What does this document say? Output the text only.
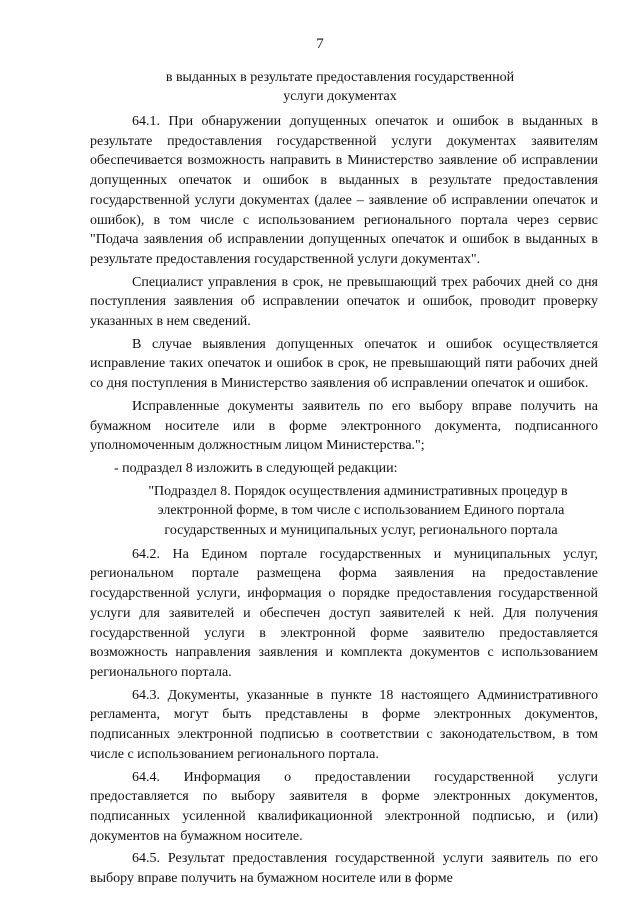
7
в выданных в результате предоставления государственной
услуги документах

64.1. При обнаружении допущенных опечаток и ошибок в выданных в результате предоставления государственной услуги документах заявителям обеспечивается возможность направить в Министерство заявление об исправлении допущенных опечаток и ошибок в выданных в результате предоставления государственной услуги документах (далее – заявление об исправлении опечаток и ошибок), в том числе с использованием регионального портала через сервис "Подача заявления об исправлении допущенных опечаток и ошибок в выданных в результате предоставления государственной услуги документах".

Специалист управления в срок, не превышающий трех рабочих дней со дня поступления заявления об исправлении опечаток и ошибок, проводит проверку указанных в нем сведений.

В случае выявления допущенных опечаток и ошибок осуществляется исправление таких опечаток и ошибок в срок, не превышающий пяти рабочих дней со дня поступления в Министерство заявления об исправлении опечаток и ошибок.

Исправленные документы заявитель по его выбору вправе получить на бумажном носителе или в форме электронного документа, подписанного уполномоченным должностным лицом Министерства.";

- подраздел 8 изложить в следующей редакции:

"Подраздел 8. Порядок осуществления административных процедур в электронной форме, в том числе с использованием Единого портала государственных и муниципальных услуг, регионального портала

64.2. На Едином портале государственных и муниципальных услуг, региональном портале размещена форма заявления на предоставление государственной услуги, информация о порядке предоставления государственной услуги для заявителей и обеспечен доступ заявителей к ней. Для получения государственной услуги в электронной форме заявителю предоставляется возможность направления заявления и комплекта документов с использованием регионального портала.

64.3. Документы, указанные в пункте 18 настоящего Административного регламента, могут быть представлены в форме электронных документов, подписанных электронной подписью в соответствии с законодательством, в том числе с использованием регионального портала.

64.4. Информация о предоставлении государственной услуги предоставляется по выбору заявителя в форме электронных документов, подписанных усиленной квалификационной электронной подписью, и (или) документов на бумажном носителе.

64.5. Результат предоставления государственной услуги заявитель по его выбору вправе получить на бумажном носителе или в форме
